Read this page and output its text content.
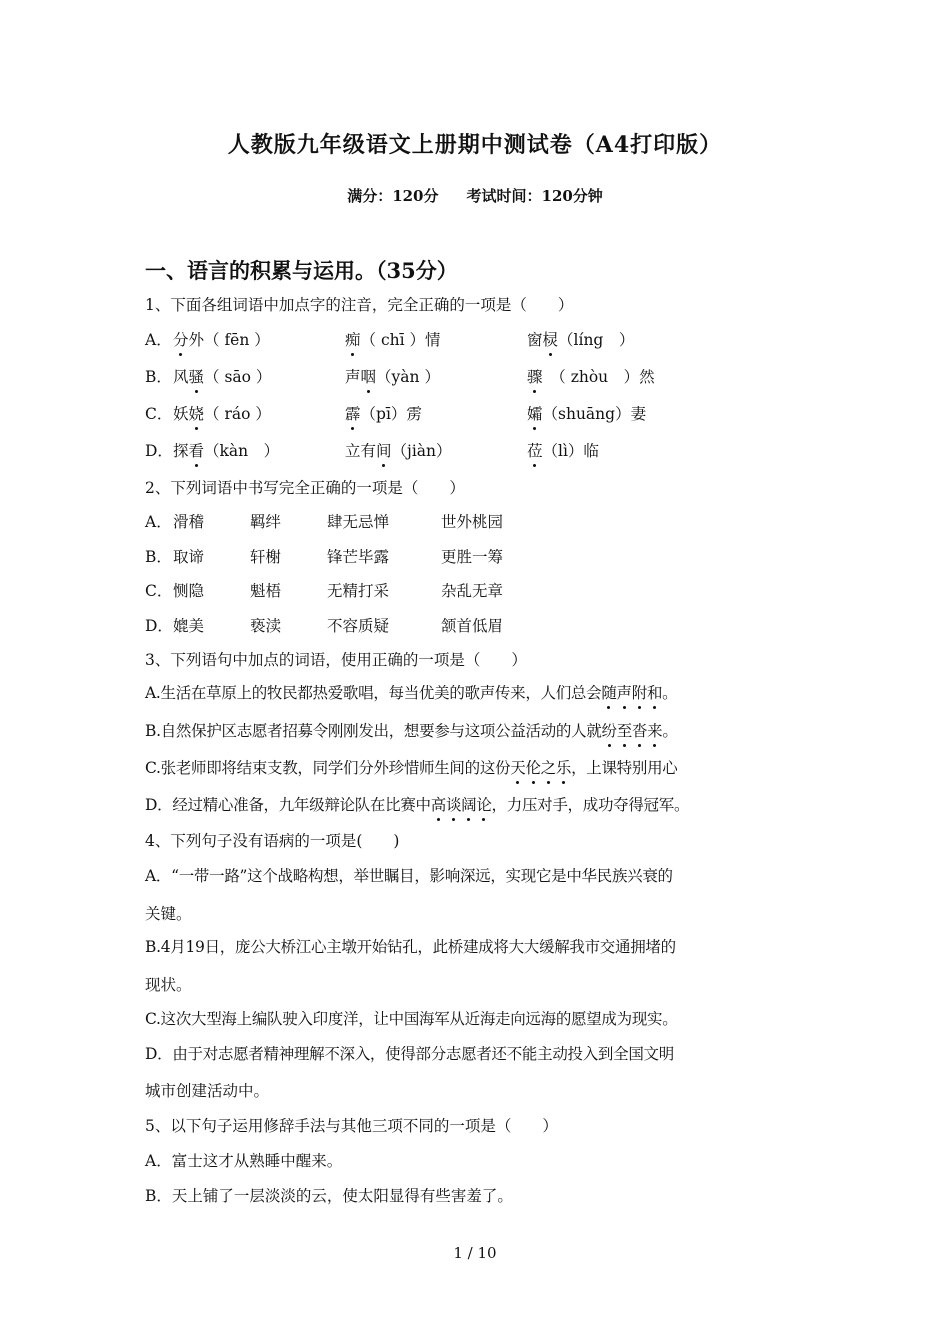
人教版九年级语文上册期中测试卷（A4打印版）
满分：120分 考试时间：120分钟
一、语言的积累与运用。（35分）
1、下面各组词语中加点字的注音，完全正确的一项是（　　）
A． 分外（ fēn ）	痴（ chī ）情	窗棂（líng　）
B． 风骚（ sāo ）	声咽（yàn ）	骤　（ zhòu　）然
C． 妖娆（ ráo ）	霹（pī）雳	孀（shuāng）妻
D． 探看（kàn　）	立有间（jiàn）	莅（lì）临
2、下列词语中书写完全正确的一项是（　　）
A． 滑稽	羁绊	肆无忌惮	世外桃园
B． 取谛	轩榭	锋芒毕露	更胜一筹
C． 恻隐	魁梧	无精打采	杂乱无章
D． 媲美	亵渎	不容质疑	颔首低眉
3、下列语句中加点的词语，使用正确的一项是（　　）
A.生活在草原上的牧民都热爱歌唱，每当优美的歌声传来，人们总会随声附和。
B.自然保护区志愿者招募令刚刚发出，想要参与这项公益活动的人就纷至沓来。
C.张老师即将结束支教，同学们分外珍惜师生间的这份天伦之乐，上课特别用心
D．经过精心准备，九年级辩论队在比赛中高谈阔论，力压对手，成功夺得冠军。
4、下列句子没有语病的一项是(　　)
A．“一带一路”这个战略构想，举世瞩目，影响深远，实现它是中华民族兴衰的
关键。
B.4月19日，庞公大桥江心主墩开始钻孔，此桥建成将大大缓解我市交通拥堵的
现状。
C.这次大型海上编队驶入印度洋，让中国海军从近海走向远海的愿望成为现实。
D．由于对志愿者精神理解不深入，使得部分志愿者还不能主动投入到全国文明
城市创建活动中。
5、以下句子运用修辞手法与其他三项不同的一项是（　　）
A．富士这才从熟睡中醒来。
B．天上铺了一层淡淡的云，使太阳显得有些害羞了。
1 / 10
